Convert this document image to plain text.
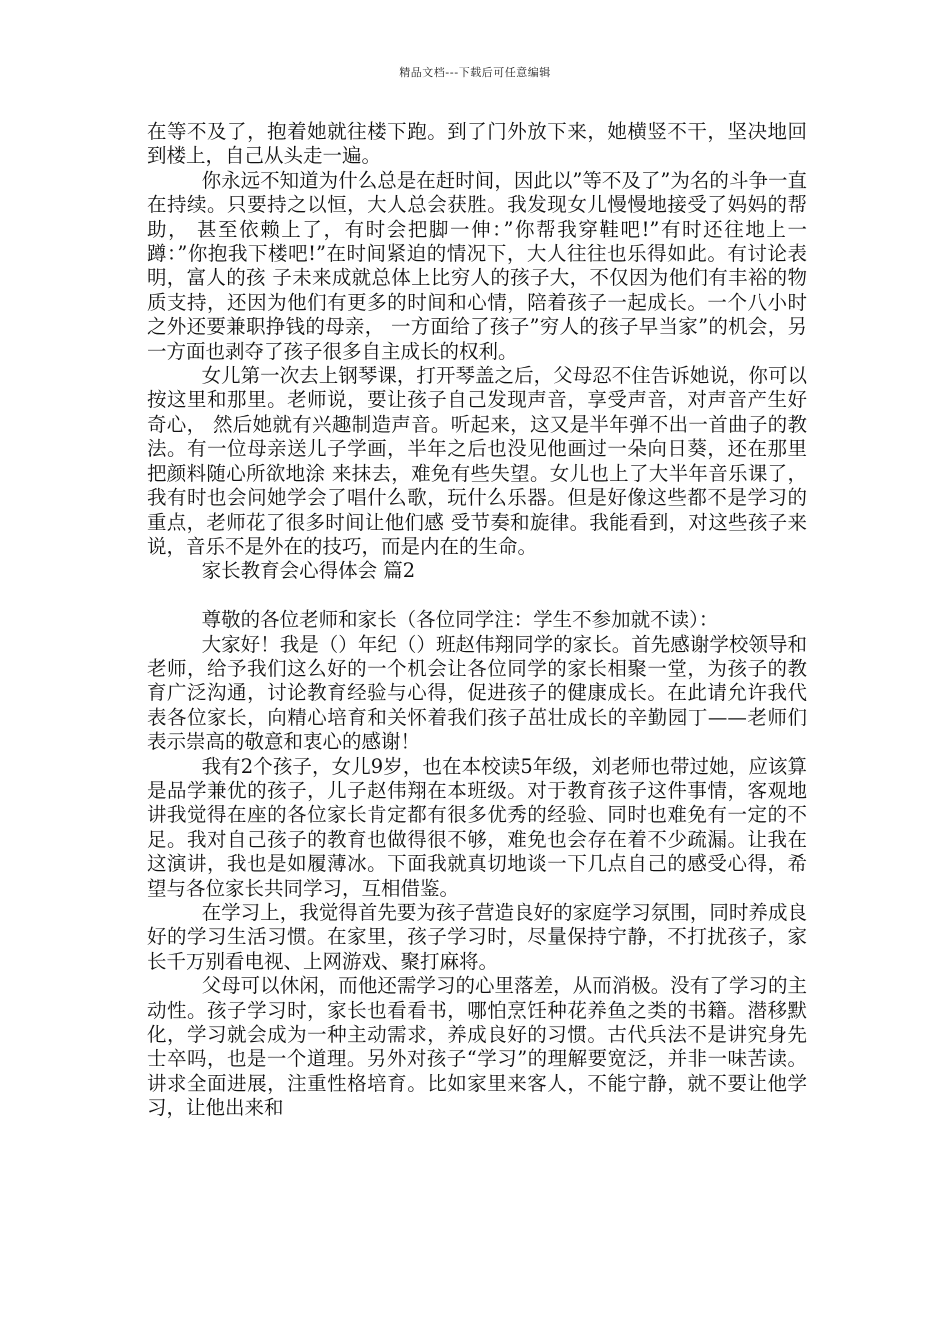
精品文档---下载后可任意编辑

在等不及了，抱着她就往楼下跑。到了门外放下来，她横竖不干，坚决地回到楼上，自己从头走一遍。

你永远不知道为什么总是在赶时间，因此以”等不及了”为名的斗争一直在持续。只要持之以恒，大人总会获胜。我发现女儿慢慢地接受了妈妈的帮助， 甚至依赖上了，有时会把脚一伸：”你帮我穿鞋吧!”有时还往地上一蹲：”你抱我下楼吧!”在时间紧迫的情况下，大人往往也乐得如此。有讨论表明，富人的孩 子未来成就总体上比穷人的孩子大，不仅因为他们有丰裕的物质支持，还因为他们有更多的时间和心情，陪着孩子一起成长。一个八小时之外还要兼职挣钱的母亲， 一方面给了孩子”穷人的孩子早当家”的机会，另一方面也剥夺了孩子很多自主成长的权利。

女儿第一次去上钢琴课，打开琴盖之后，父母忍不住告诉她说，你可以按这里和那里。老师说，要让孩子自己发现声音，享受声音，对声音产生好奇心， 然后她就有兴趣制造声音。听起来，这又是半年弹不出一首曲子的教法。有一位母亲送儿子学画，半年之后也没见他画过一朵向日葵，还在那里把颜料随心所欲地涂 来抹去，难免有些失望。女儿也上了大半年音乐课了，我有时也会问她学会了唱什么歌，玩什么乐器。但是好像这些都不是学习的重点，老师花了很多时间让他们感 受节奏和旋律。我能看到，对这些孩子来说，音乐不是外在的技巧，而是内在的生命。

家长教育会心得体会 篇2

尊敬的各位老师和家长（各位同学注：学生不参加就不读）：

大家好！我是（）年纪（）班赵伟翔同学的家长。首先感谢学校领导和老师，给予我们这么好的一个机会让各位同学的家长相聚一堂，为孩子的教育广泛沟通，讨论教育经验与心得，促进孩子的健康成长。在此请允许我代表各位家长，向精心培育和关怀着我们孩子茁壮成长的辛勤园丁——老师们表示崇高的敬意和衷心的感谢！

我有2个孩子，女儿9岁，也在本校读5年级，刘老师也带过她，应该算是品学兼优的孩子，儿子赵伟翔在本班级。对于教育孩子这件事情，客观地讲我觉得在座的各位家长肯定都有很多优秀的经验、同时也难免有一定的不足。我对自己孩子的教育也做得很不够，难免也会存在着不少疏漏。让我在这演讲，我也是如履薄冰。下面我就真切地谈一下几点自己的感受心得，希望与各位家长共同学习，互相借鉴。

在学习上，我觉得首先要为孩子营造良好的家庭学习氛围，同时养成良好的学习生活习惯。在家里，孩子学习时，尽量保持宁静，不打扰孩子，家长千万别看电视、上网游戏、聚打麻将。

父母可以休闲，而他还需学习的心里落差，从而消极。没有了学习的主动性。孩子学习时，家长也看看书，哪怕烹饪种花养鱼之类的书籍。潜移默化，学习就会成为一种主动需求，养成良好的习惯。古代兵法不是讲究身先士卒吗，也是一个道理。另外对孩子“学习”的理解要宽泛，并非一味苦读。讲求全面进展，注重性格培育。比如家里来客人，不能宁静，就不要让他学习，让他出来和
